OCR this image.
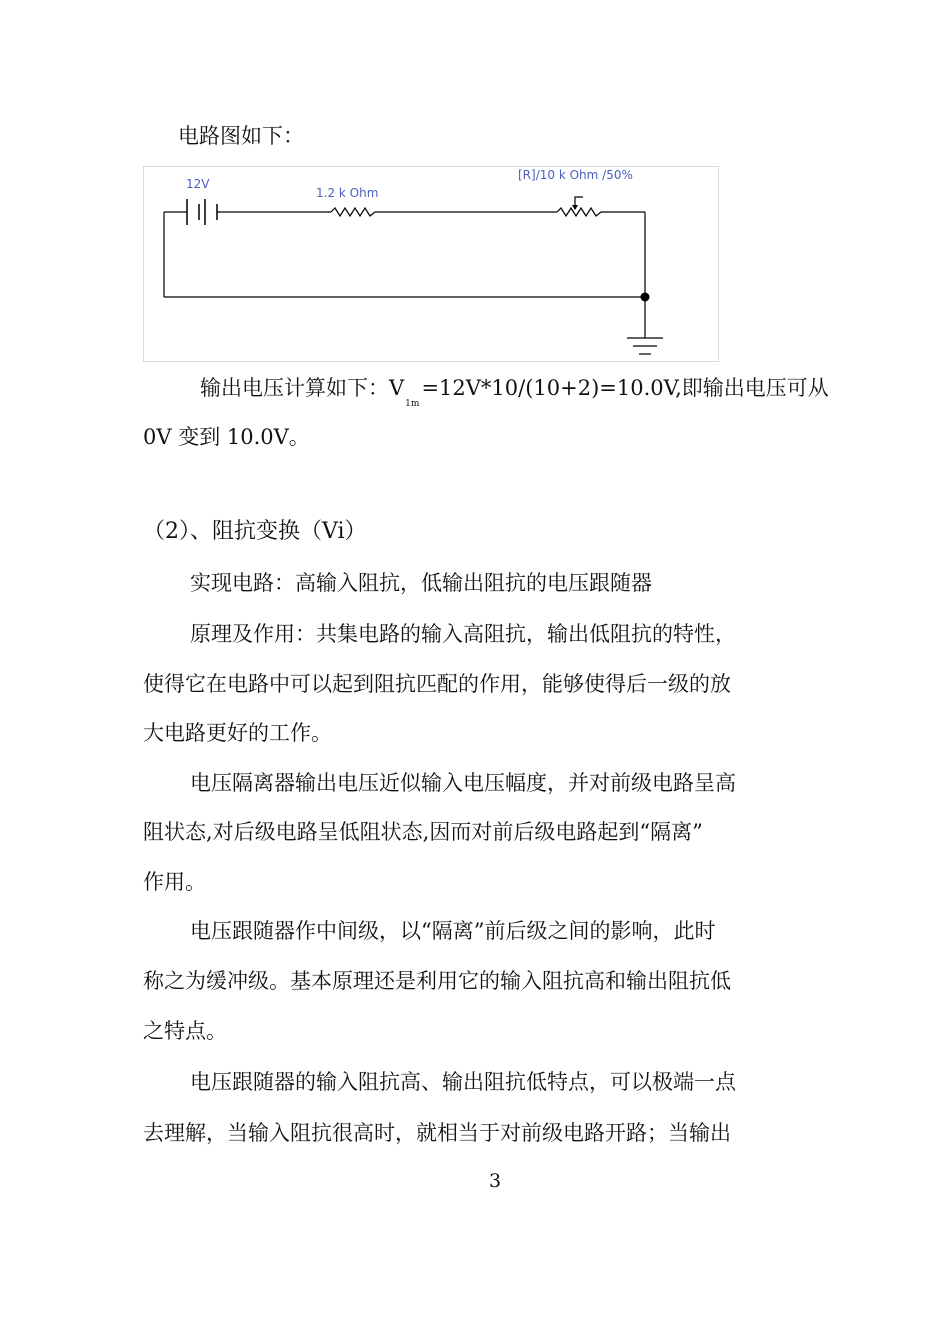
电路图如下：
12V
1.2 k Ohm
[R]/10 k Ohm /50%
输出电压计算如下：$V_{1m}=12V*10/(10+2)=10.0V$,即输出电压可从
0V 变到 10.0V。
（2）、阻抗变换（Vi）
实现电路：高输入阻抗，低输出阻抗的电压跟随器
原理及作用：共集电路的输入高阻抗，输出低阻抗的特性，
使得它在电路中可以起到阻抗匹配的作用，能够使得后一级的放
大电路更好的工作。
电压隔离器输出电压近似输入电压幅度，并对前级电路呈高
阻状态,对后级电路呈低阻状态,因而对前后级电路起到“隔离”
作用。
电压跟随器作中间级，以“隔离”前后级之间的影响，此时
称之为缓冲级。基本原理还是利用它的输入阻抗高和输出阻抗低
之特点。
电压跟随器的输入阻抗高、输出阻抗低特点，可以极端一点
去理解，当输入阻抗很高时，就相当于对前级电路开路；当输出
3
